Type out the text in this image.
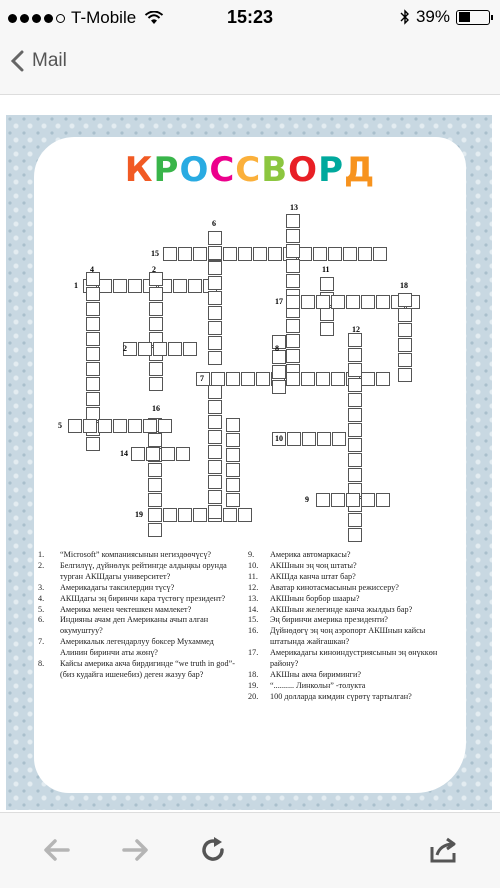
T-Mobile	15:23	39%
Mail
КРОССВОРД
1.	“Microsoft” компаниясынын негиздөөчүсү?
2.	Белгилүү, дүйнөлүк рейтингде алдыңкы орунда турган АКШдагы университет?
3.	Америкадагы таксилердин түсү?
4.	АКШдагы эң биринчи кара түстөгү президент?
5.	Америка менен чектешкен мамлекет?
6.	Индияны ачам деп Американы ачып алган окумуштуу?
7.	Америкалык легендарлуу боксер Мухаммед Алинин биринчи аты жөнү?
8.	Кайсы америка акча бирдигинде “we truth in god”-(биз кудайга ишенебиз) деген жазуу бар?
9.	Америка автомаркасы?
10.	АКШнын эң чоң штаты?
11.	АКШда канча штат бар?
12.	Аватар кинотасмасынын режиссеру?
13.	АКШнын борбор шаары?
14.	АКШнын желегинде канча жылдыз бар?
15.	Эң биринчи америка президенти?
16.	Дүйнөдөгү эң чоң аэропорт АКШнын кайсы штатында жайгашкан?
17.	Америкадагы киноиндустриясынын эң өнүккөн району?
18.	АКШны акча бириминги?
19.	“.......... Линкольн” -толукта
20.	100 долларда кимдин сүрөтү тартылган?
13
6
15
4	2	11
1	18
17
12
2	8
7
16
5
10
14
9
19
